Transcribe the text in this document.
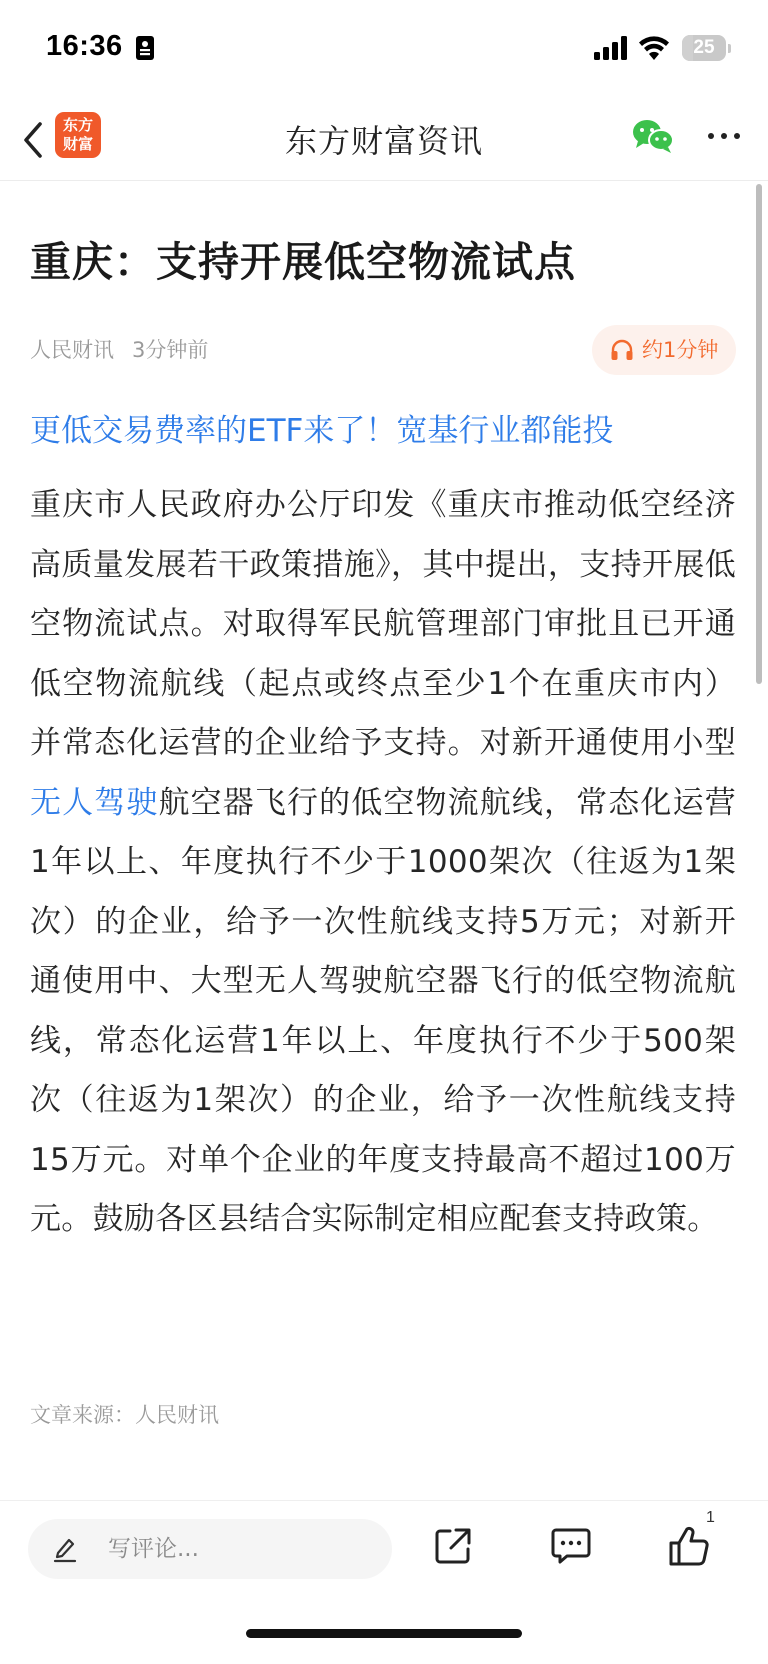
16:36	25
东方
财富	东方财富资讯
重庆：支持开展低空物流试点
人民财讯 3分钟前	约1分钟
更低交易费率的ETF来了！宽基行业都能投

重庆市人民政府办公厅印发《重庆市推动低空经济高质量发展若干政策措施》，其中提出，支持开展低空物流试点。对取得军民航管理部门审批且已开通低空物流航线（起点或终点至少1个在重庆市内）并常态化运营的企业给予支持。对新开通使用小型无人驾驶航空器飞行的低空物流航线，常态化运营1年以上、年度执行不少于1000架次（往返为1架次）的企业，给予一次性航线支持5万元；对新开通使用中、大型无人驾驶航空器飞行的低空物流航线，常态化运营1年以上、年度执行不少于500架次（往返为1架次）的企业，给予一次性航线支持15万元。对单个企业的年度支持最高不超过100万元。鼓励各区县结合实际制定相应配套支持政策。

文章来源：人民财讯
写评论...
1
